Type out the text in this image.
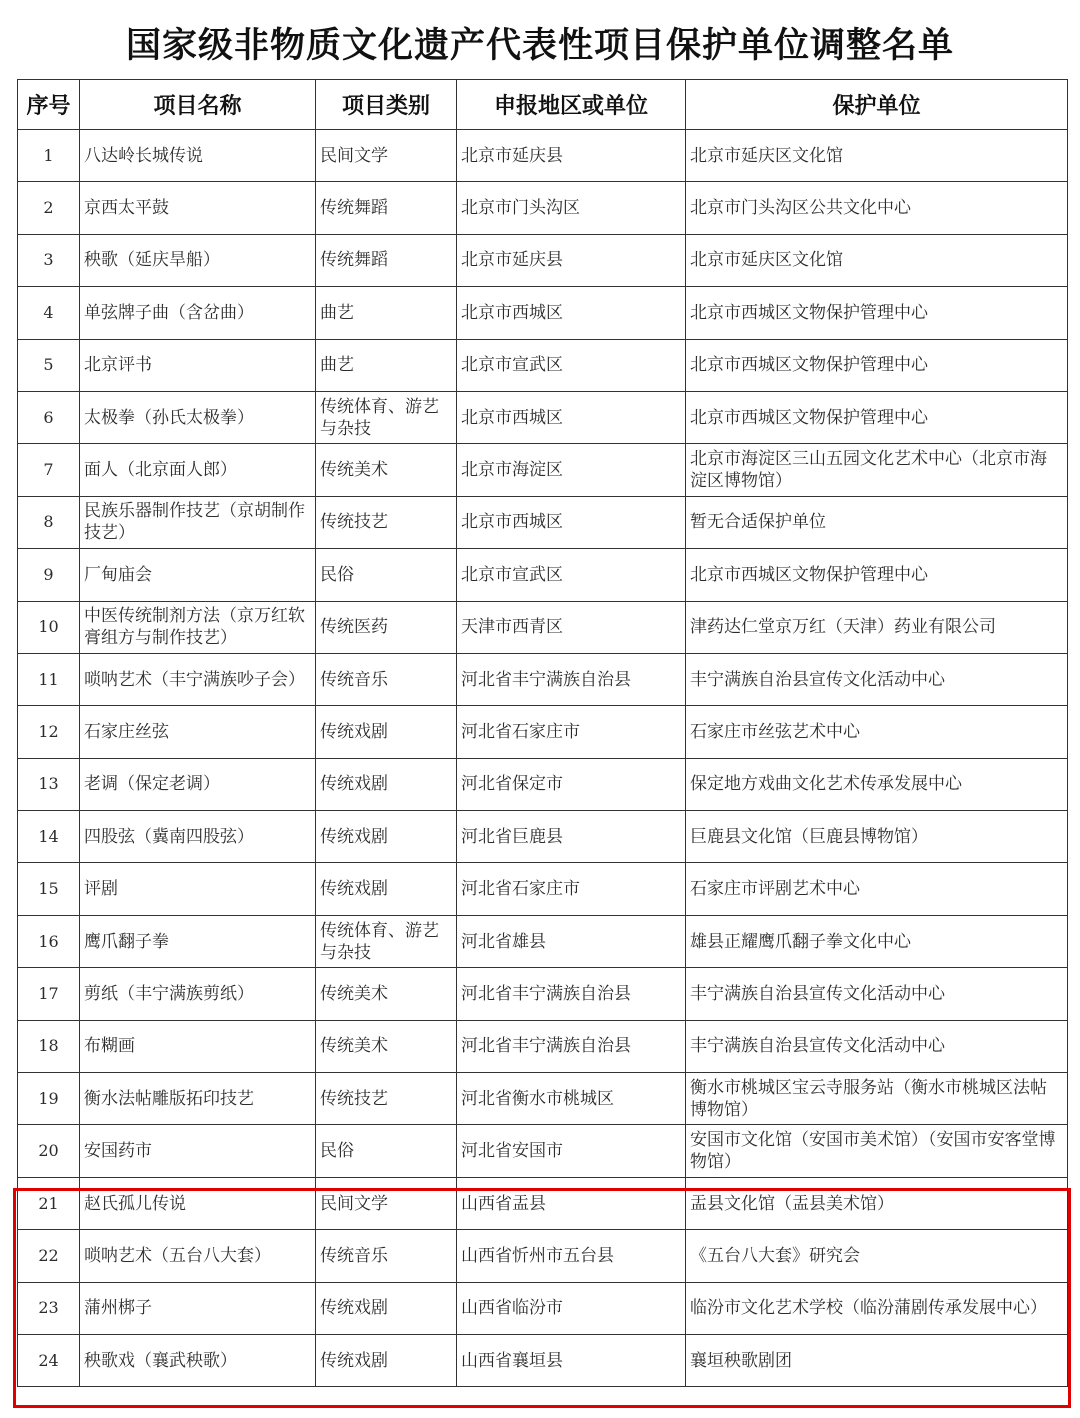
国家级非物质文化遗产代表性项目保护单位调整名单
序号	项目名称	项目类别	申报地区或单位	保护单位
1	八达岭长城传说	民间文学	北京市延庆县	北京市延庆区文化馆
2	京西太平鼓	传统舞蹈	北京市门头沟区	北京市门头沟区公共文化中心
3	秧歌（延庆旱船）	传统舞蹈	北京市延庆县	北京市延庆区文化馆
4	单弦牌子曲（含岔曲）	曲艺	北京市西城区	北京市西城区文物保护管理中心
5	北京评书	曲艺	北京市宣武区	北京市西城区文物保护管理中心
6	太极拳（孙氏太极拳）	传统体育、游艺与杂技	北京市西城区	北京市西城区文物保护管理中心
7	面人（北京面人郎）	传统美术	北京市海淀区	北京市海淀区三山五园文化艺术中心（北京市海淀区博物馆）
8	民族乐器制作技艺（京胡制作技艺）	传统技艺	北京市西城区	暂无合适保护单位
9	厂甸庙会	民俗	北京市宣武区	北京市西城区文物保护管理中心
10	中医传统制剂方法（京万红软膏组方与制作技艺）	传统医药	天津市西青区	津药达仁堂京万红（天津）药业有限公司
11	唢呐艺术（丰宁满族吵子会）	传统音乐	河北省丰宁满族自治县	丰宁满族自治县宣传文化活动中心
12	石家庄丝弦	传统戏剧	河北省石家庄市	石家庄市丝弦艺术中心
13	老调（保定老调）	传统戏剧	河北省保定市	保定地方戏曲文化艺术传承发展中心
14	四股弦（冀南四股弦）	传统戏剧	河北省巨鹿县	巨鹿县文化馆（巨鹿县博物馆）
15	评剧	传统戏剧	河北省石家庄市	石家庄市评剧艺术中心
16	鹰爪翻子拳	传统体育、游艺与杂技	河北省雄县	雄县正耀鹰爪翻子拳文化中心
17	剪纸（丰宁满族剪纸）	传统美术	河北省丰宁满族自治县	丰宁满族自治县宣传文化活动中心
18	布糊画	传统美术	河北省丰宁满族自治县	丰宁满族自治县宣传文化活动中心
19	衡水法帖雕版拓印技艺	传统技艺	河北省衡水市桃城区	衡水市桃城区宝云寺服务站（衡水市桃城区法帖博物馆）
20	安国药市	民俗	河北省安国市	安国市文化馆（安国市美术馆）（安国市安客堂博物馆）
21	赵氏孤儿传说	民间文学	山西省盂县	盂县文化馆（盂县美术馆）
22	唢呐艺术（五台八大套）	传统音乐	山西省忻州市五台县	《五台八大套》研究会
23	蒲州梆子	传统戏剧	山西省临汾市	临汾市文化艺术学校（临汾蒲剧传承发展中心）
24	秧歌戏（襄武秧歌）	传统戏剧	山西省襄垣县	襄垣秧歌剧团
